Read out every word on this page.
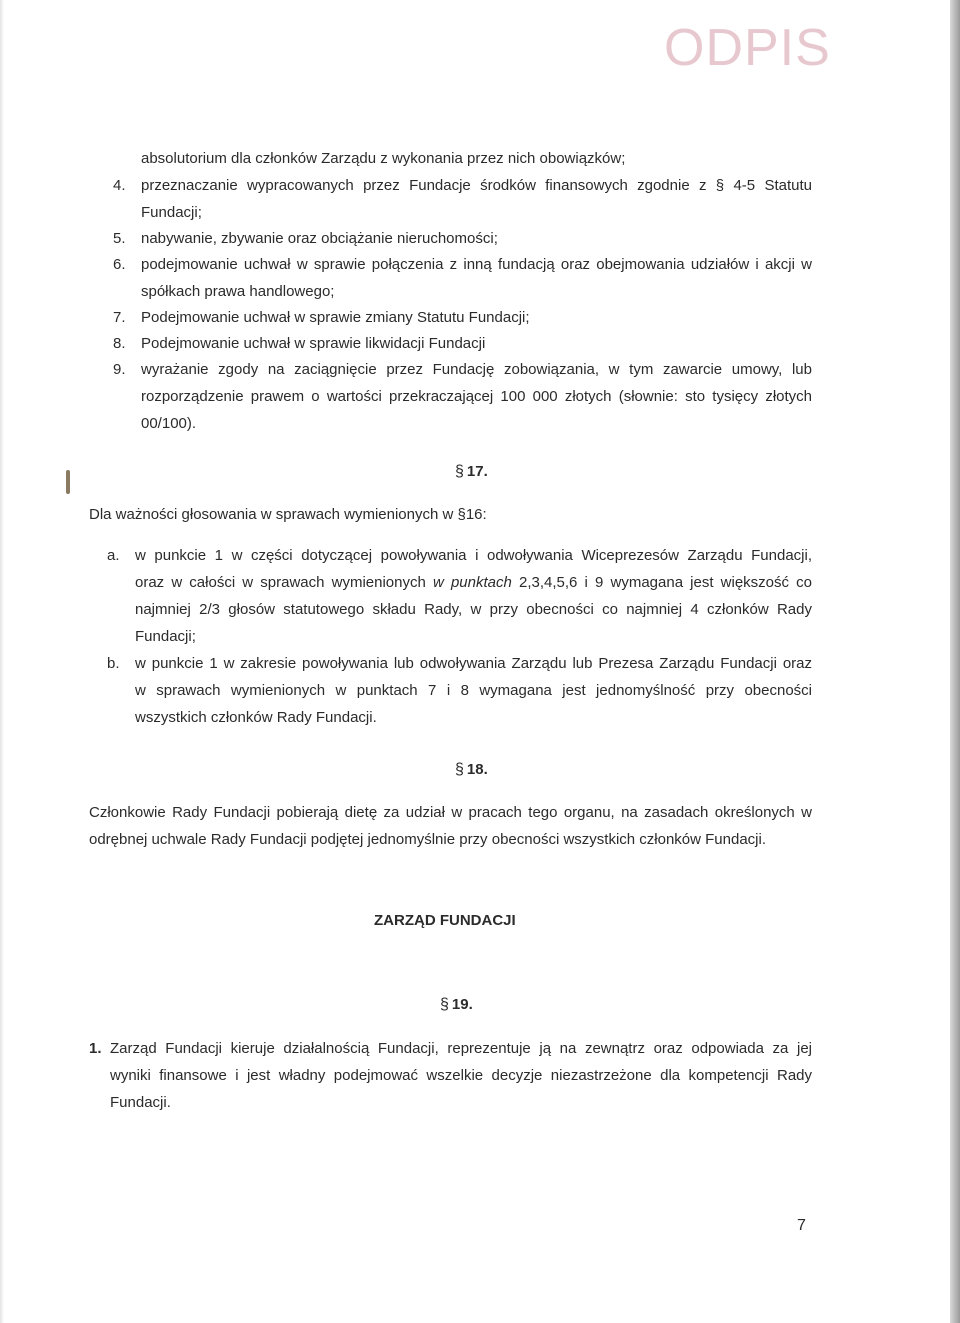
ODPIS
absolutorium dla członków Zarządu z wykonania przez nich obowiązków;
4. przeznaczanie wypracowanych przez Fundacje środków finansowych zgodnie z § 4-5 Statutu
Fundacji;
5. nabywanie, zbywanie oraz obciążanie nieruchomości;
6. podejmowanie uchwał w sprawie połączenia z inną fundacją oraz obejmowania udziałów i akcji w
spółkach prawa handlowego;
7. Podejmowanie uchwał w sprawie zmiany Statutu Fundacji;
8. Podejmowanie uchwał w sprawie likwidacji Fundacji
9. wyrażanie zgody na zaciągnięcie przez Fundację zobowiązania, w tym zawarcie umowy, lub
rozporządzenie prawem o wartości przekraczającej 100 000 złotych (słownie: sto tysięcy złotych
00/100).
§ 17.
Dla ważności głosowania w sprawach wymienionych w §16:
a. w punkcie 1 w części dotyczącej powoływania i odwoływania Wiceprezesów Zarządu Fundacji,
oraz w całości w sprawach wymienionych w punktach 2,3,4,5,6 i 9 wymagana jest większość co
najmniej 2/3 głosów statutowego składu Rady, w przy obecności co najmniej 4 członków Rady
Fundacji;
b. w punkcie 1 w zakresie powoływania lub odwoływania Zarządu lub Prezesa Zarządu Fundacji oraz
w sprawach wymienionych w punktach 7 i 8 wymagana jest jednomyślność przy obecności
wszystkich członków Rady Fundacji.
§ 18.
Członkowie Rady Fundacji pobierają dietę za udział w pracach tego organu, na zasadach określonych w
odrębnej uchwale Rady Fundacji podjętej jednomyślnie przy obecności wszystkich członków Fundacji.
ZARZĄD FUNDACJI
§ 19.
1. Zarząd Fundacji kieruje działalnością Fundacji, reprezentuje ją na zewnątrz oraz odpowiada za jej
wyniki finansowe i jest władny podejmować wszelkie decyzje niezastrzeżone dla kompetencji Rady
Fundacji.
7
